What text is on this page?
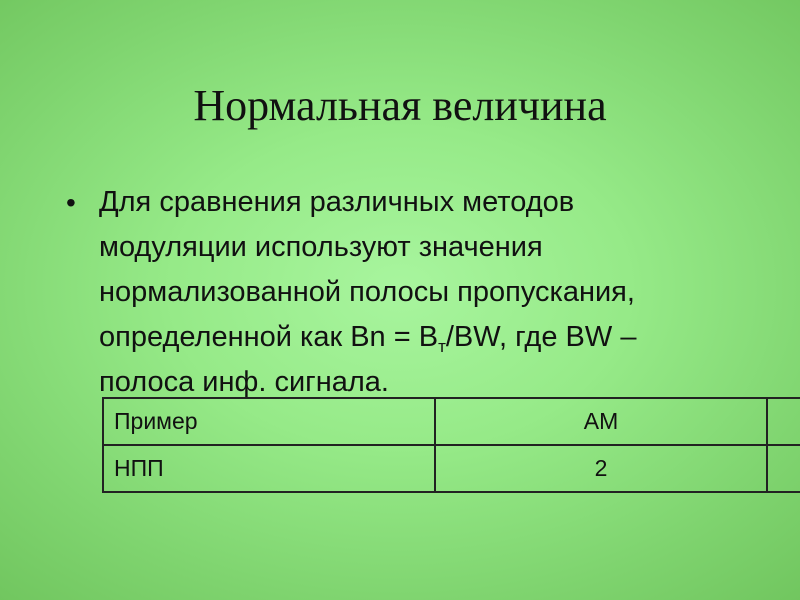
Нормальная величина
• Для сравнения различных методов
модуляции используют значения
нормализованной полосы пропускания,
определенной как $Bn = B_т/BW$, где BW –
полоса инф. сигнала.
Пример	АМ	
НПП	2	
